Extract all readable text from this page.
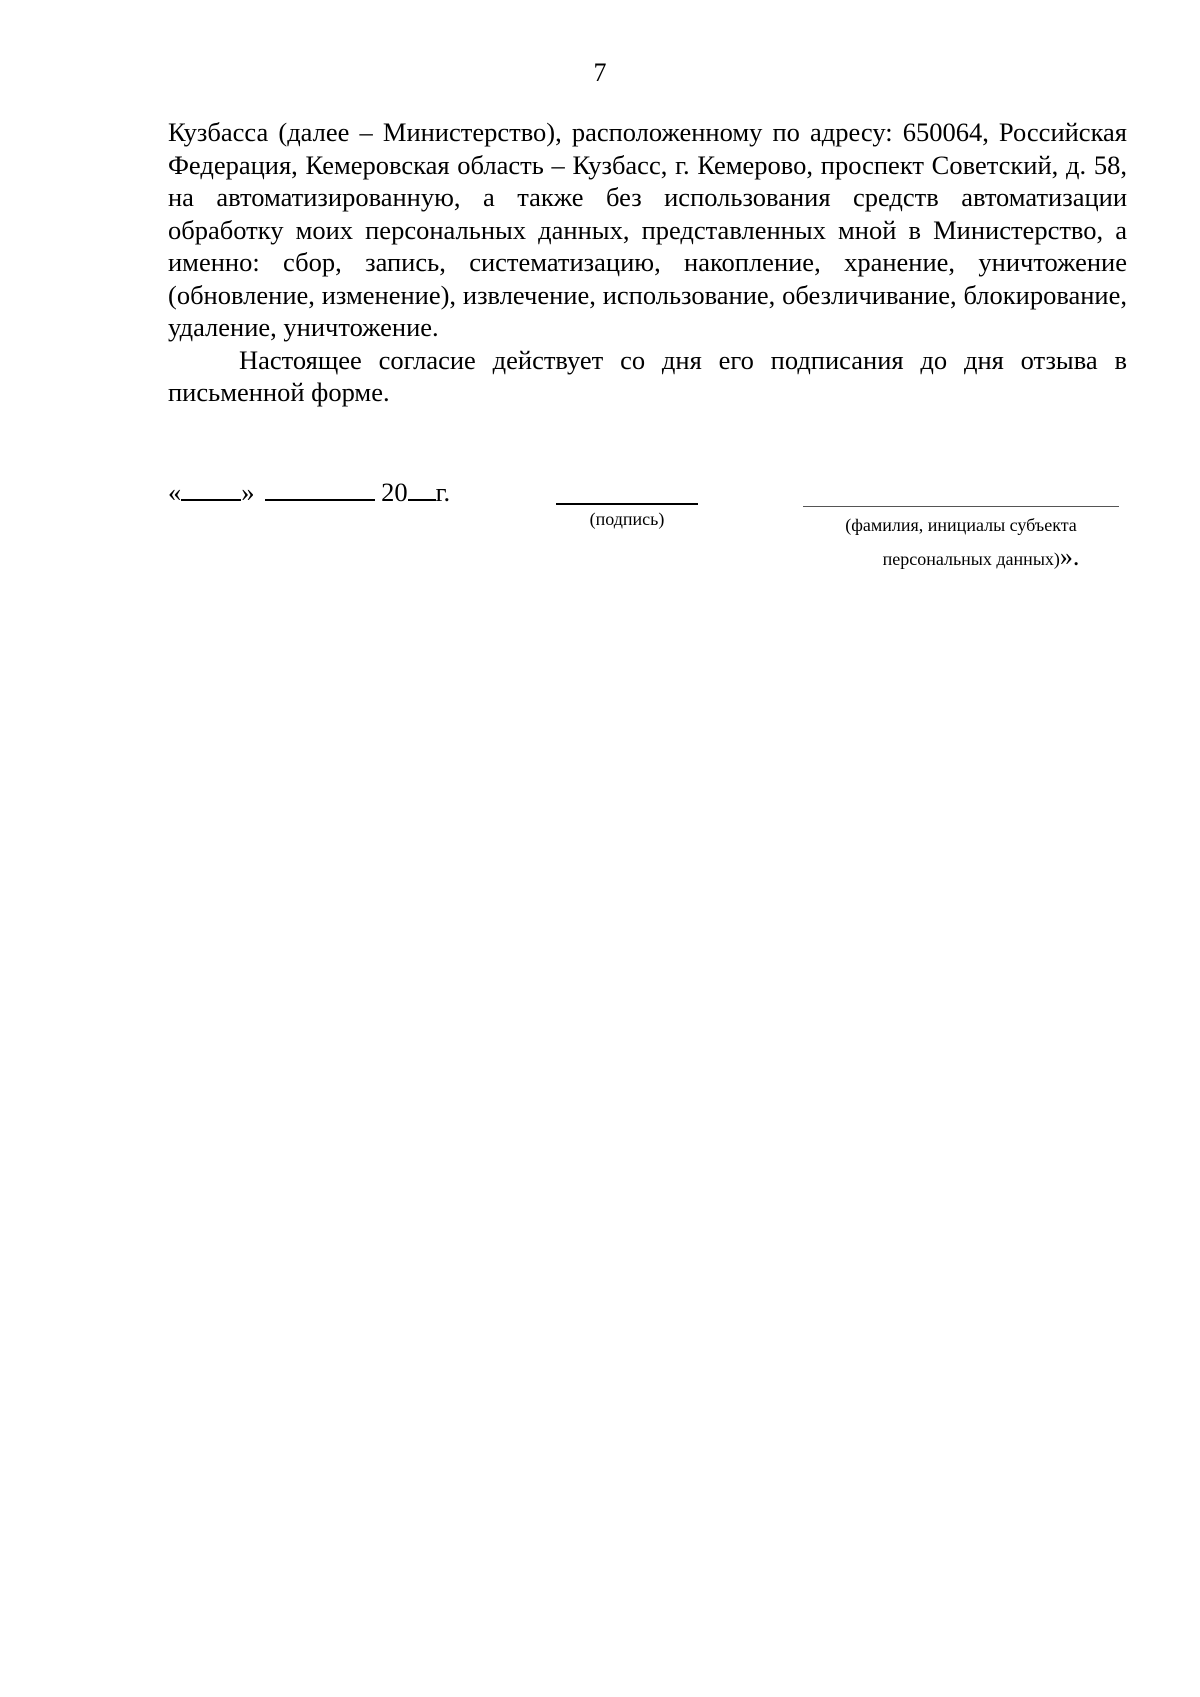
7

Кузбасса (далее – Министерство), расположенному по адресу: 650064, Российская Федерация, Кемеровская область – Кузбасс, г. Кемерово, проспект Советский, д. 58, на автоматизированную, а также без использования средств автоматизации обработку моих персональных данных, представленных мной в Министерство, а именно: сбор, запись, систематизацию, накопление, хранение, уничтожение (обновление, изменение), извлечение, использование, обезличивание, блокирование, удаление, уничтожение.

Настоящее согласие действует со дня его подписания до дня отзыва в письменной форме.

« »	20 г.
(подпись)	(фамилия, инициалы субъекта
персональных данных)».
